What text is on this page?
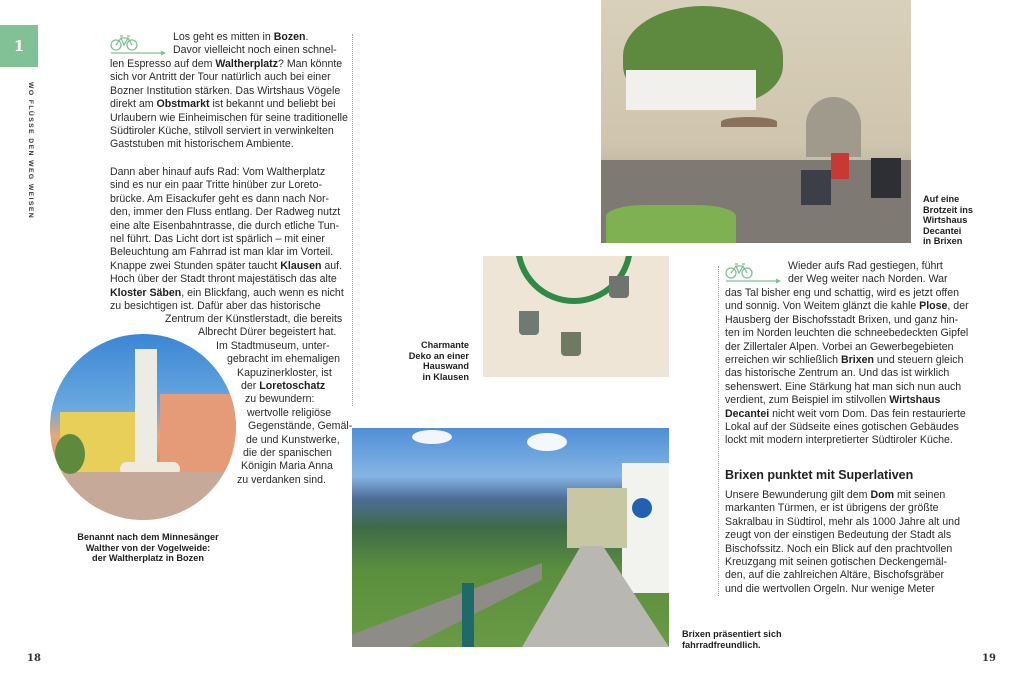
1
WO FLÜSSE DEN WEG WEISEN
Los geht es mitten in Bozen.
Davor vielleicht noch einen schnel-
len Espresso auf dem Waltherplatz? Man könnte
sich vor Antritt der Tour natürlich auch bei einer
Bozner Institution stärken. Das Wirtshaus Vögele
direkt am Obstmarkt ist bekannt und beliebt bei
Urlaubern wie Einheimischen für seine traditionelle
Südtiroler Küche, stilvoll serviert in verwinkelten
Gaststuben mit historischem Ambiente.
Dann aber hinauf aufs Rad: Vom Waltherplatz
sind es nur ein paar Tritte hinüber zur Loreto-
brücke. Am Eisackufer geht es dann nach Nor-
den, immer den Fluss entlang. Der Radweg nutzt
eine alte Eisenbahntrasse, die durch etliche Tun-
nel führt. Das Licht dort ist spärlich – mit einer
Beleuchtung am Fahrrad ist man klar im Vorteil.
Knappe zwei Stunden später taucht Klausen auf.
Hoch über der Stadt thront majestätisch das alte
Kloster Säben, ein Blickfang, auch wenn es nicht
zu besichtigen ist. Dafür aber das historische
Zentrum der Künstlerstadt, die bereits
Albrecht Dürer begeistert hat.
Im Stadtmuseum, unter-
gebracht im ehemaligen
Kapuzinerkloster, ist
der Loretoschatz
zu bewundern:
wertvolle religiöse
Gegenstände, Gemäl-
de und Kunstwerke,
die der spanischen
Königin Maria Anna
zu verdanken sind.
Benannt nach dem Minnesänger
Walther von der Vogelweide:
der Waltherplatz in Bozen
Charmante
Deko an einer
Hauswand
in Klausen
Auf eine
Brotzeit ins
Wirtshaus
Decantei
in Brixen
Wieder aufs Rad gestiegen, führt
der Weg weiter nach Norden. War
das Tal bisher eng und schattig, wird es jetzt offen
und sonnig. Von Weitem glänzt die kahle Plose, der
Hausberg der Bischofsstadt Brixen, und ganz hin-
ten im Norden leuchten die schneebedeckten Gipfel
der Zillertaler Alpen. Vorbei an Gewerbegebieten
erreichen wir schließlich Brixen und steuern gleich
das historische Zentrum an. Und das ist wirklich
sehenswert. Eine Stärkung hat man sich nun auch
verdient, zum Beispiel im stilvollen Wirtshaus
Decantei nicht weit vom Dom. Das fein restaurierte
Lokal auf der Südseite eines gotischen Gebäudes
lockt mit modern interpretierter Südtiroler Küche.
Brixen punktet mit Superlativen
Unsere Bewunderung gilt dem Dom mit seinen
markanten Türmen, er ist übrigens der größte
Sakralbau in Südtirol, mehr als 1000 Jahre alt und
zeugt von der einstigen Bedeutung der Stadt als
Bischofssitz. Noch ein Blick auf den prachtvollen
Kreuzgang mit seinen gotischen Deckengemäl-
den, auf die zahlreichen Altäre, Bischofsgräber
und die wertvollen Orgeln. Nur wenige Meter
Brixen präsentiert sich
fahrradfreundlich.
18	19
